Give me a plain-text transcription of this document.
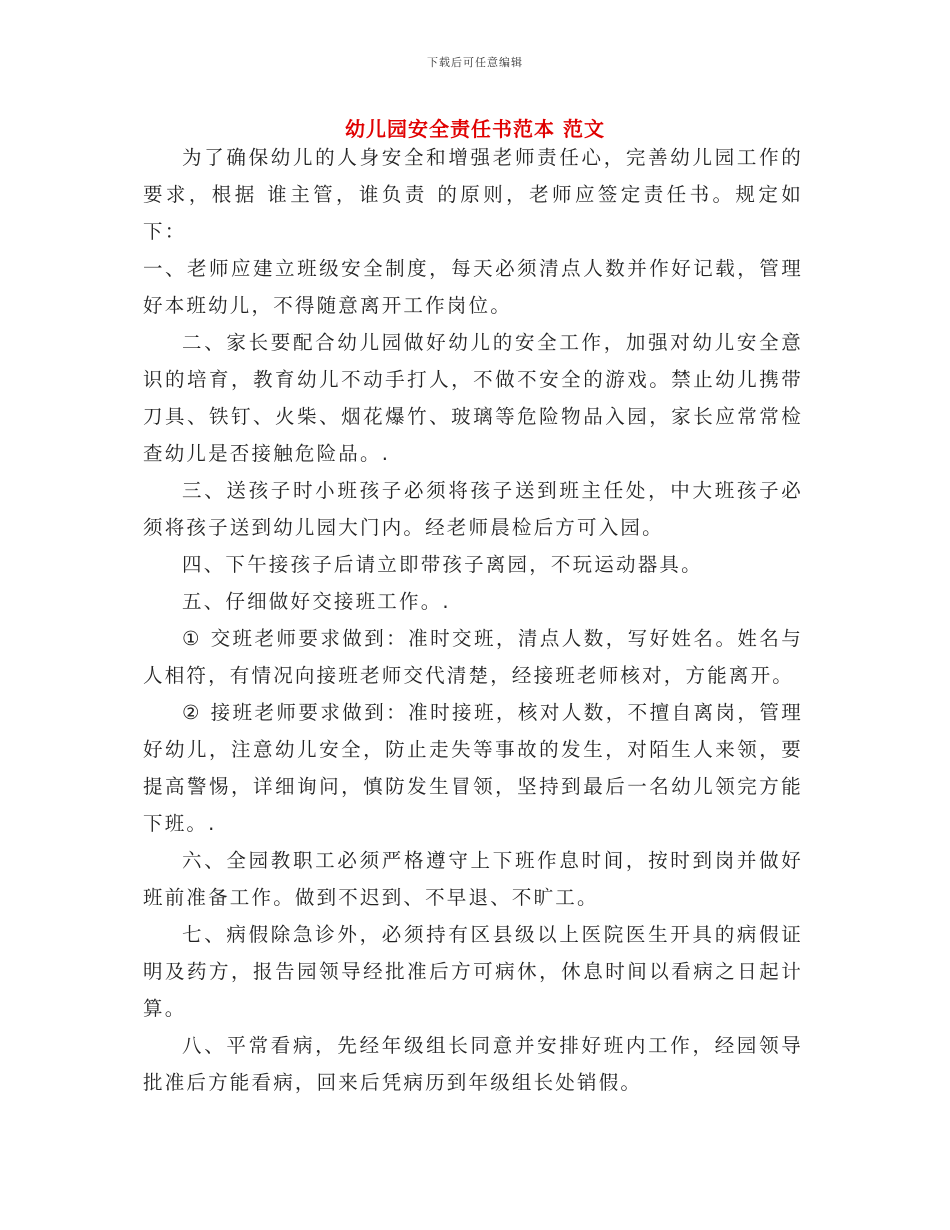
下载后可任意编辑
幼儿园安全责任书范本 范文

为了确保幼儿的人身安全和增强老师责任心，完善幼儿园工作的要求，根据 谁主管，谁负责 的原则，老师应签定责任书。规定如下：

一、老师应建立班级安全制度，每天必须清点人数并作好记载，管理好本班幼儿，不得随意离开工作岗位。

二、家长要配合幼儿园做好幼儿的安全工作，加强对幼儿安全意识的培育，教育幼儿不动手打人，不做不安全的游戏。禁止幼儿携带刀具、铁钉、火柴、烟花爆竹、玻璃等危险物品入园，家长应常常检查幼儿是否接触危险品。.

三、送孩子时小班孩子必须将孩子送到班主任处，中大班孩子必须将孩子送到幼儿园大门内。经老师晨检后方可入园。

四、下午接孩子后请立即带孩子离园，不玩运动器具。

五、仔细做好交接班工作。.

① 交班老师要求做到：准时交班，清点人数，写好姓名。姓名与人相符，有情况向接班老师交代清楚，经接班老师核对，方能离开。

② 接班老师要求做到：准时接班，核对人数，不擅自离岗，管理好幼儿，注意幼儿安全，防止走失等事故的发生，对陌生人来领，要提高警惕，详细询问，慎防发生冒领，坚持到最后一名幼儿领完方能下班。.

六、全园教职工必须严格遵守上下班作息时间，按时到岗并做好班前准备工作。做到不迟到、不早退、不旷工。

七、病假除急诊外，必须持有区县级以上医院医生开具的病假证明及药方，报告园领导经批准后方可病休，休息时间以看病之日起计算。

八、平常看病，先经年级组长同意并安排好班内工作，经园领导批准后方能看病，回来后凭病历到年级组长处销假。
